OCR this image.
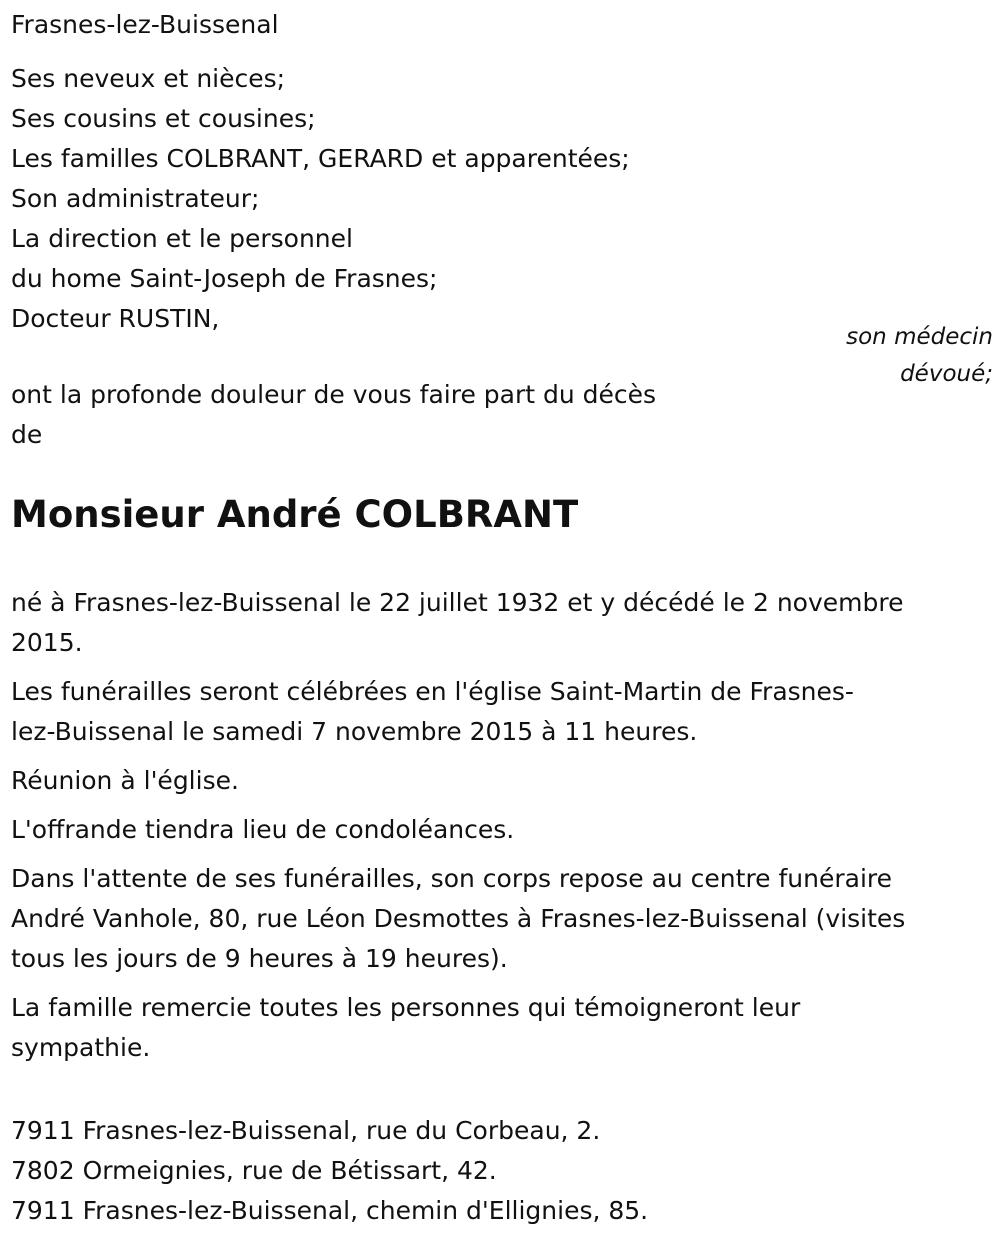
Frasnes-lez-Buissenal
Ses neveux et nièces;
Ses cousins et cousines;
Les familles COLBRANT, GERARD et apparentées;
Son administrateur;
La direction et le personnel
du home Saint-Joseph de Frasnes;
Docteur RUSTIN,
son médecin
dévoué;
ont la profonde douleur de vous faire part du décès
de
Monsieur André COLBRANT
né à Frasnes-lez-Buissenal le 22 juillet 1932 et y décédé le 2 novembre
2015.
Les funérailles seront célébrées en l'église Saint-Martin de Frasnes-
lez-Buissenal le samedi 7 novembre 2015 à 11 heures.
Réunion à l'église.
L'offrande tiendra lieu de condoléances.
Dans l'attente de ses funérailles, son corps repose au centre funéraire
André Vanhole, 80, rue Léon Desmottes à Frasnes-lez-Buissenal (visites
tous les jours de 9 heures à 19 heures).
La famille remercie toutes les personnes qui témoigneront leur
sympathie.
7911 Frasnes-lez-Buissenal, rue du Corbeau, 2.
7802 Ormeignies, rue de Bétissart, 42.
7911 Frasnes-lez-Buissenal, chemin d'Ellignies, 85.
